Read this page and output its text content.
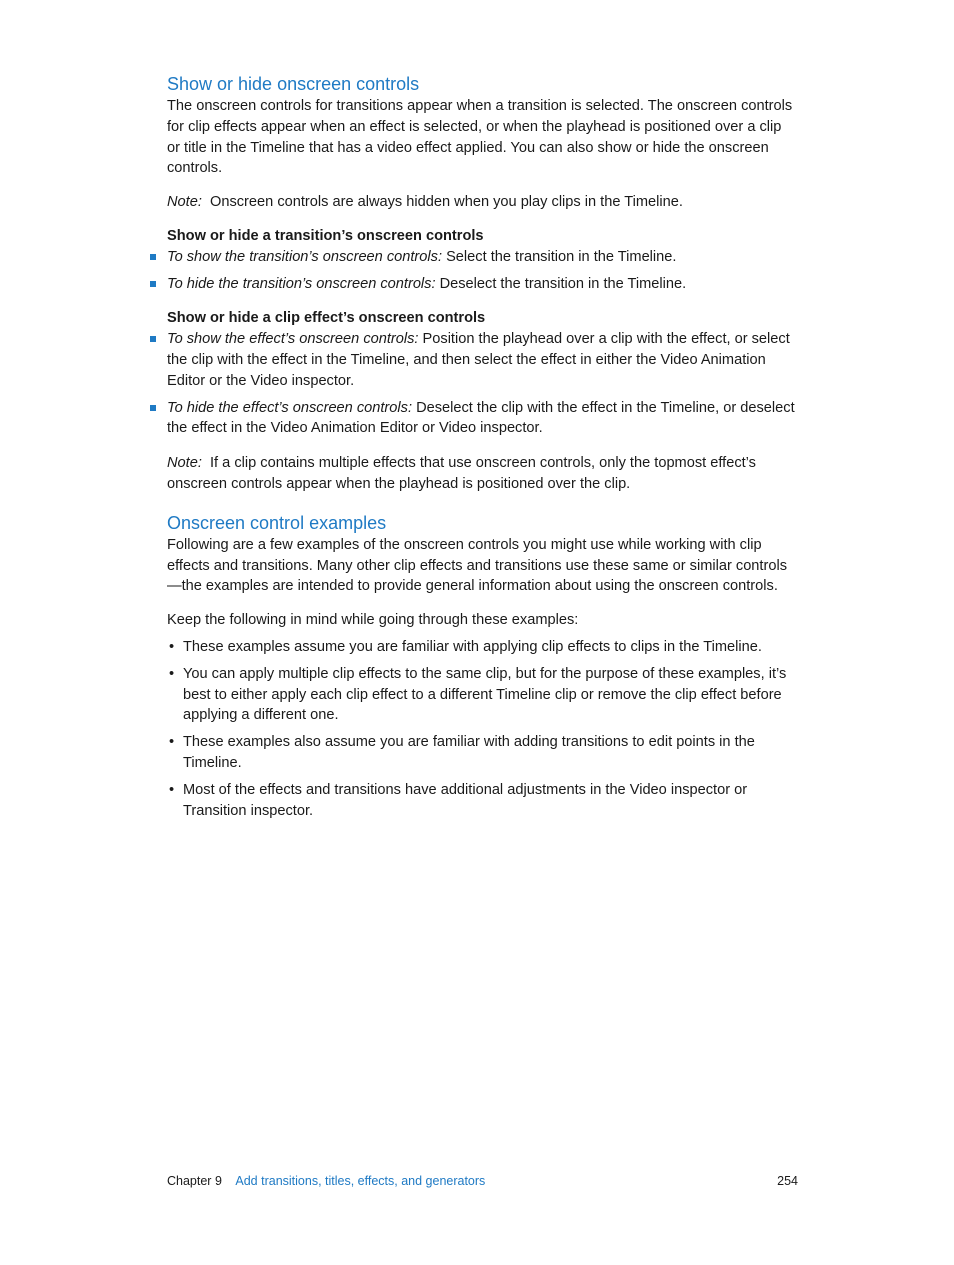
Show or hide onscreen controls

The onscreen controls for transitions appear when a transition is selected. The onscreen controls for clip effects appear when an effect is selected, or when the playhead is positioned over a clip or title in the Timeline that has a video effect applied. You can also show or hide the onscreen controls.

Note: Onscreen controls are always hidden when you play clips in the Timeline.

Show or hide a transition’s onscreen controls
To show the transition’s onscreen controls: Select the transition in the Timeline.
To hide the transition’s onscreen controls: Deselect the transition in the Timeline.
Show or hide a clip effect’s onscreen controls
To show the effect’s onscreen controls: Position the playhead over a clip with the effect, or select the clip with the effect in the Timeline, and then select the effect in either the Video Animation Editor or the Video inspector.
To hide the effect’s onscreen controls: Deselect the clip with the effect in the Timeline, or deselect the effect in the Video Animation Editor or Video inspector.

Note: If a clip contains multiple effects that use onscreen controls, only the topmost effect’s onscreen controls appear when the playhead is positioned over the clip.

Onscreen control examples

Following are a few examples of the onscreen controls you might use while working with clip effects and transitions. Many other clip effects and transitions use these same or similar controls—the examples are intended to provide general information about using the onscreen controls.

Keep the following in mind while going through these examples:

• These examples assume you are familiar with applying clip effects to clips in the Timeline.
• You can apply multiple clip effects to the same clip, but for the purpose of these examples, it’s best to either apply each clip effect to a different Timeline clip or remove the clip effect before applying a different one.
• These examples also assume you are familiar with adding transitions to edit points in the Timeline.
• Most of the effects and transitions have additional adjustments in the Video inspector or Transition inspector.
Chapter 9 Add transitions, titles, effects, and generators	254
